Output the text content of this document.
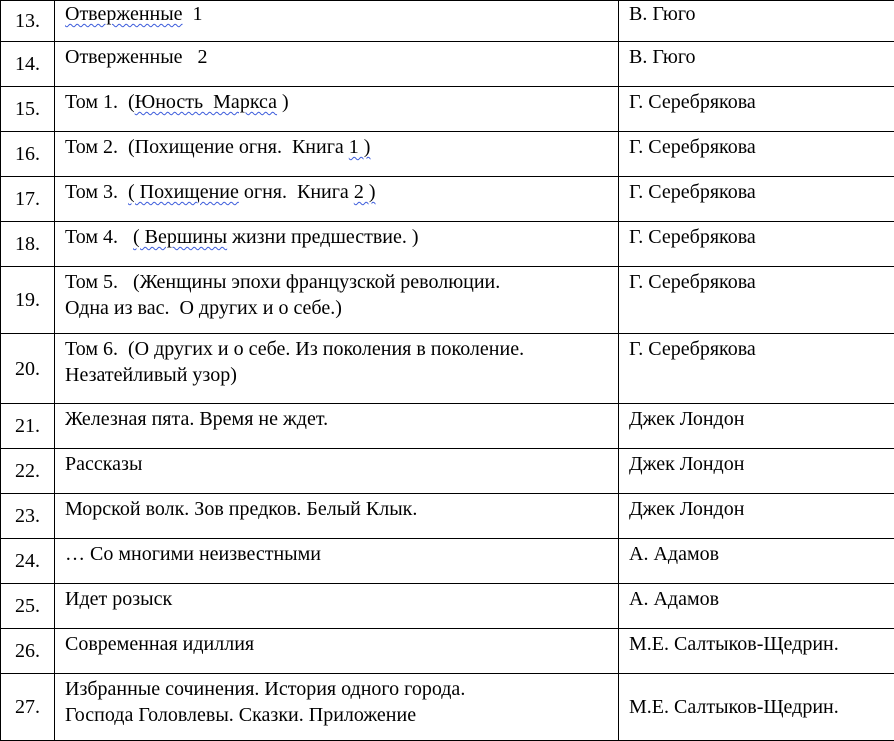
13.	Отверженные  1	В. Гюго
14.	Отверженные   2	В. Гюго
15.	Том 1.  (Юность  Маркса )	Г. Серебрякова
16.	Том 2.  (Похищение огня.  Книга 1 )	Г. Серебрякова
17.	Том 3.  ( Похищение огня.  Книга 2 )	Г. Серебрякова
18.	Том 4.   ( Вершины жизни предшествие. )	Г. Серебрякова
19.	Том 5.   (Женщины эпохи французской революции.
Одна из вас.  О других и о себе.)	Г. Серебрякова
20.	Том 6.  (О других и о себе. Из поколения в поколение.
Незатейливый узор)	Г. Серебрякова
21.	Железная пята. Время не ждет.	Джек Лондон
22.	Рассказы	Джек Лондон
23.	Морской волк. Зов предков. Белый Клык.	Джек Лондон
24.	… Со многими неизвестными	А. Адамов
25.	Идет розыск	А. Адамов
26.	Современная идиллия	М.Е. Салтыков-Щедрин.
27.	Избранные сочинения. История одного города.
Господа Головлевы. Сказки. Приложение	М.Е. Салтыков-Щедрин.
